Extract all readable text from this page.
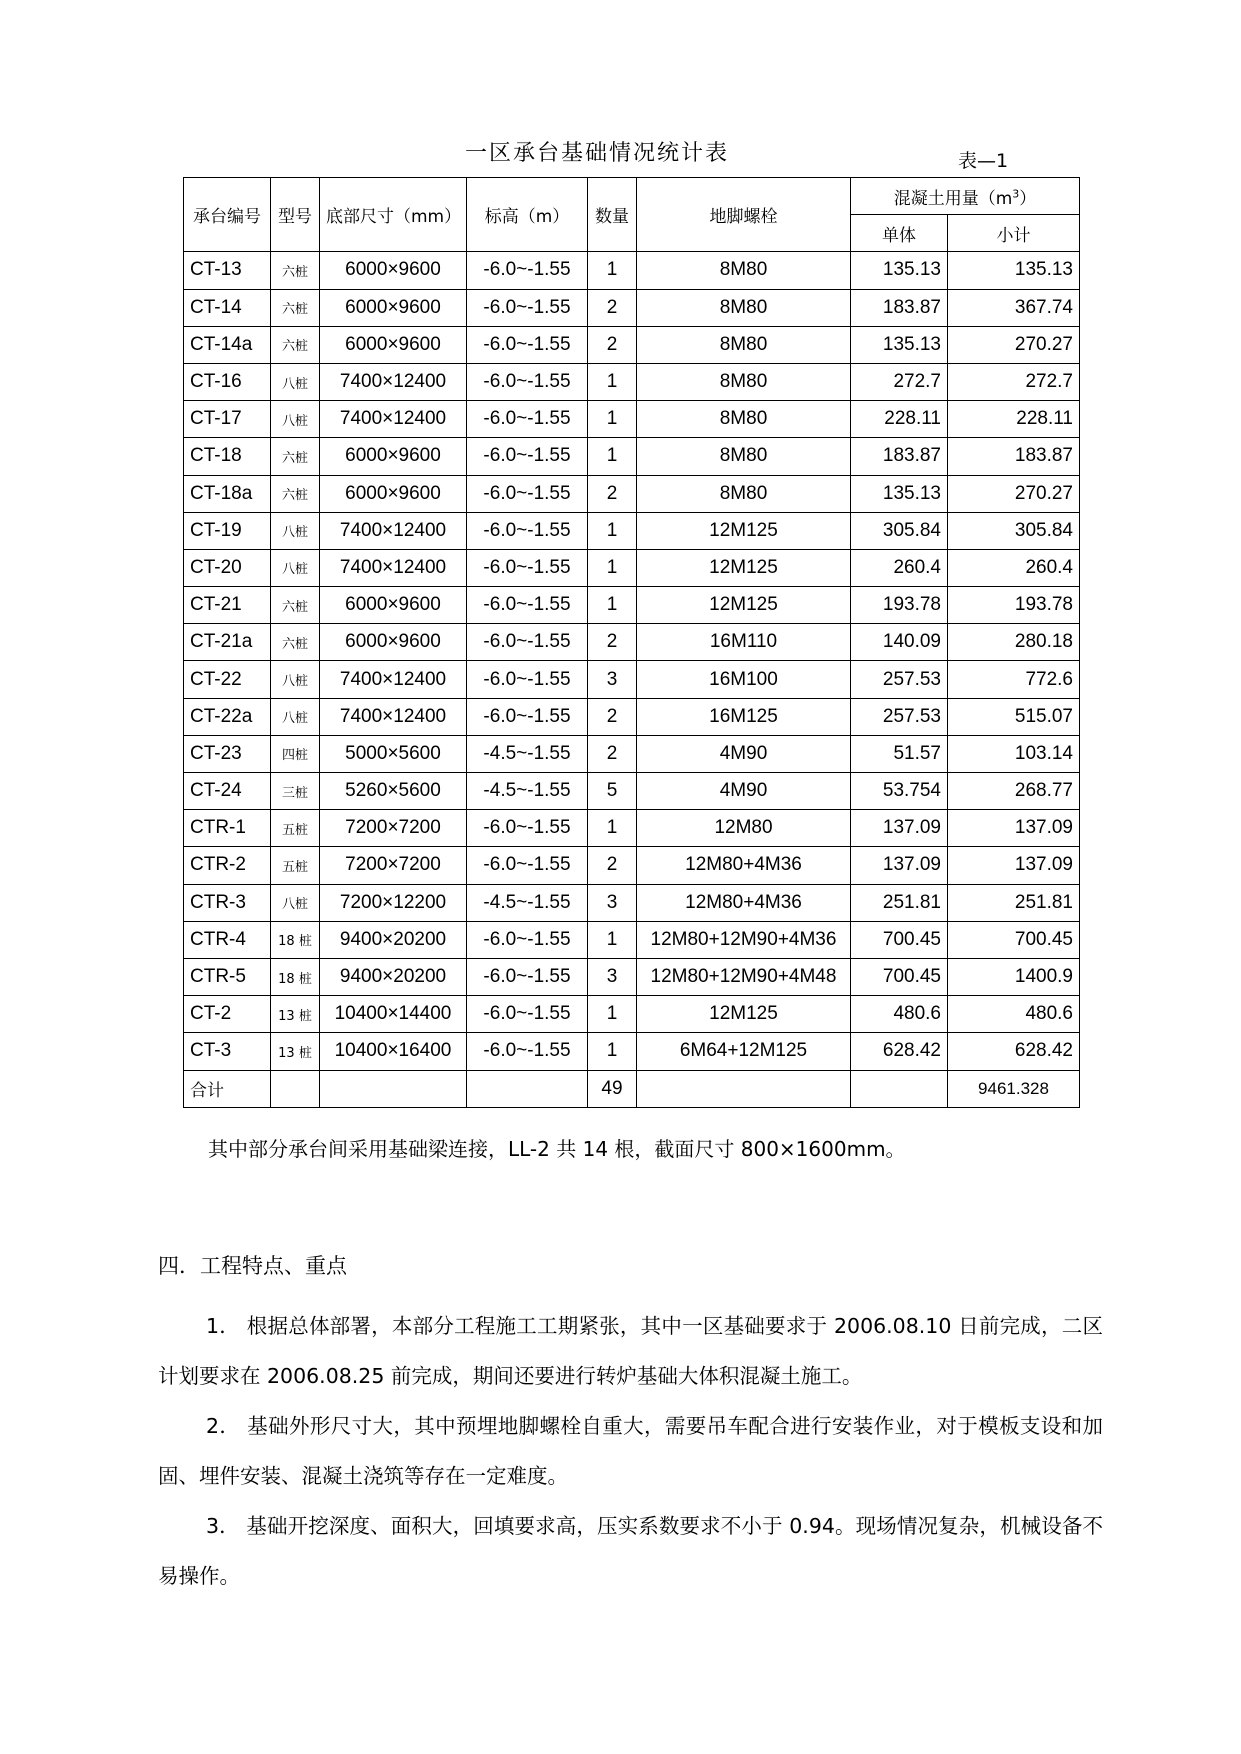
一区承台基础情况统计表	表—1
承台编号	型号	底部尺寸（mm）	标高（m）	数量	地脚螺栓	混凝土用量$(m^3)$	
						单体	小计
CT-13	六桩	6000×9600	-6.0~-1.55	1	8M80	135.13	135.13
CT-14	六桩	6000×9600	-6.0~-1.55	2	8M80	183.87	367.74
CT-14a	六桩	6000×9600	-6.0~-1.55	2	8M80	135.13	270.27
CT-16	八桩	7400×12400	-6.0~-1.55	1	8M80	272.7	272.7
CT-17	八桩	7400×12400	-6.0~-1.55	1	8M80	228.11	228.11
CT-18	六桩	6000×9600	-6.0~-1.55	1	8M80	183.87	183.87
CT-18a	六桩	6000×9600	-6.0~-1.55	2	8M80	135.13	270.27
CT-19	八桩	7400×12400	-6.0~-1.55	1	12M125	305.84	305.84
CT-20	八桩	7400×12400	-6.0~-1.55	1	12M125	260.4	260.4
CT-21	六桩	6000×9600	-6.0~-1.55	1	12M125	193.78	193.78
CT-21a	六桩	6000×9600	-6.0~-1.55	2	16M110	140.09	280.18
CT-22	八桩	7400×12400	-6.0~-1.55	3	16M100	257.53	772.6
CT-22a	八桩	7400×12400	-6.0~-1.55	2	16M125	257.53	515.07
CT-23	四桩	5000×5600	-4.5~-1.55	2	4M90	51.57	103.14
CT-24	三桩	5260×5600	-4.5~-1.55	5	4M90	53.754	268.77
CTR-1	五桩	7200×7200	-6.0~-1.55	1	12M80	137.09	137.09
CTR-2	五桩	7200×7200	-6.0~-1.55	2	12M80+4M36	137.09	137.09
CTR-3	八桩	7200×12200	-4.5~-1.55	3	12M80+4M36	251.81	251.81
CTR-4	18 桩	9400×20200	-6.0~-1.55	1	12M80+12M90+4M36	700.45	700.45
CTR-5	18 桩	9400×20200	-6.0~-1.55	3	12M80+12M90+4M48	700.45	1400.9
CT-2	13 桩	10400×14400	-6.0~-1.55	1	12M125	480.6	480.6
CT-3	13 桩	10400×16400	-6.0~-1.55	1	6M64+12M125	628.42	628.42
合计				49			9461.328
其中部分承台间采用基础梁连接，LL-2 共 14 根，截面尺寸 800×1600mm。
四．工程特点、重点
1． 根据总体部署，本部分工程施工工期紧张，其中一区基础要求于 2006.08.10 日前完成，二区计划要求在 2006.08.25 前完成，期间还要进行转炉基础大体积混凝土施工。
2． 基础外形尺寸大，其中预埋地脚螺栓自重大，需要吊车配合进行安装作业，对于模板支设和加固、埋件安装、混凝土浇筑等存在一定难度。
3． 基础开挖深度、面积大，回填要求高，压实系数要求不小于 0.94。现场情况复杂，机械设备不易操作。
